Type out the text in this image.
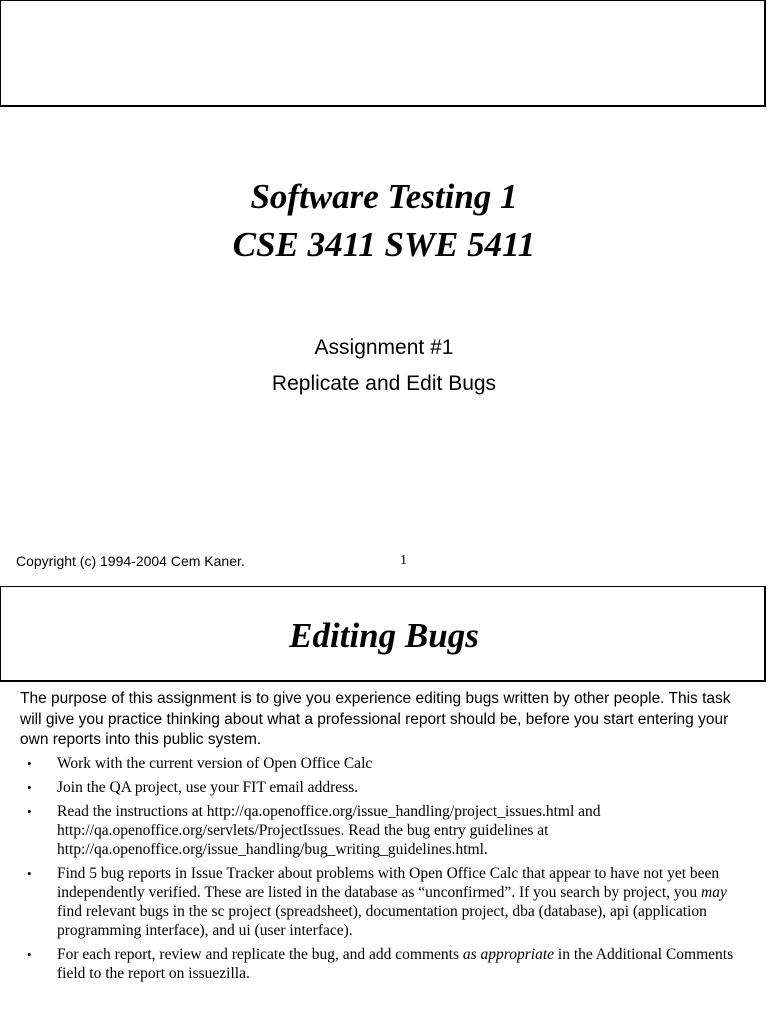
Software Testing 1
CSE 3411 SWE 5411
Assignment #1
Replicate and Edit Bugs
Copyright (c) 1994-2004 Cem Kaner.	1
Editing Bugs
The purpose of this assignment is to give you experience editing bugs written by other people. This task will give you practice thinking about what a professional report should be, before you start entering your own reports into this public system.
• Work with the current version of Open Office Calc
• Join the QA project, use your FIT email address.
• Read the instructions at http://qa.openoffice.org/issue_handling/project_issues.html and http://qa.openoffice.org/servlets/ProjectIssues. Read the bug entry guidelines at http://qa.openoffice.org/issue_handling/bug_writing_guidelines.html.
• Find 5 bug reports in Issue Tracker about problems with Open Office Calc that appear to have not yet been independently verified. These are listed in the database as “unconfirmed”. If you search by project, you may find relevant bugs in the sc project (spreadsheet), documentation project, dba (database), api (application programming interface), and ui (user interface).
• For each report, review and replicate the bug, and add comments as appropriate in the Additional Comments field to the report on issuezilla.
